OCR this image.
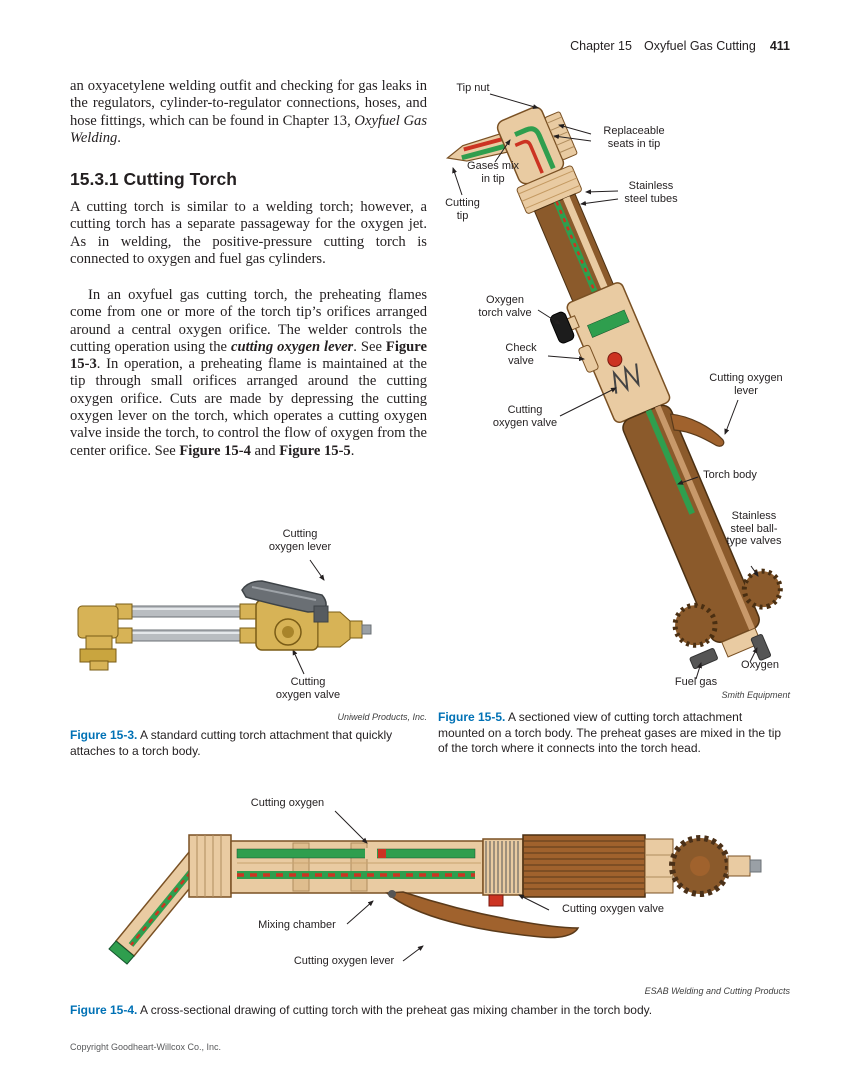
Chapter 15 Oxyfuel Gas Cutting 411

an oxyacetylene welding outfit and checking for gas leaks in the regulators, cylinder-to-regulator connections, hoses, and hose fittings, which can be found in Chapter 13, Oxyfuel Gas Welding.

15.3.1 Cutting Torch

A cutting torch is similar to a welding torch; however, a cutting torch has a separate passageway for the oxygen jet. As in welding, the positive-pressure cutting torch is connected to oxygen and fuel gas cylinders.

In an oxyfuel gas cutting torch, the preheating flames come from one or more of the torch tip’s orifices arranged around a central oxygen orifice. The welder controls the cutting operation using the cutting oxygen lever. See Figure 15-3. In operation, a preheating flame is maintained at the tip through small orifices arranged around the cutting oxygen orifice. Cuts are made by depressing the cutting oxygen lever on the torch, which operates a cutting oxygen valve inside the torch, to control the flow of oxygen from the center orifice. See Figure 15-4 and Figure 15-5.

Cutting oxygen lever
Cutting oxygen valve
Uniweld Products, Inc.
Figure 15-3. A standard cutting torch attachment that quickly attaches to a torch body.
Tip nut
Replaceable seats in tip
Gases mix in tip
Stainless steel tubes
Cutting tip
Oxygen torch valve
Check valve
Cutting oxygen lever
Cutting oxygen valve
Torch body
Stainless steel ball-type valves
Oxygen
Fuel gas
Smith Equipment
Figure 15-5. A sectioned view of cutting torch attachment mounted on a torch body. The preheat gases are mixed in the tip of the torch where it connects into the torch head.
Cutting oxygen
Mixing chamber
Cutting oxygen valve
Cutting oxygen lever
ESAB Welding and Cutting Products
Figure 15-4. A cross-sectional drawing of cutting torch with the preheat gas mixing chamber in the torch body.
Copyright Goodheart-Willcox Co., Inc.
